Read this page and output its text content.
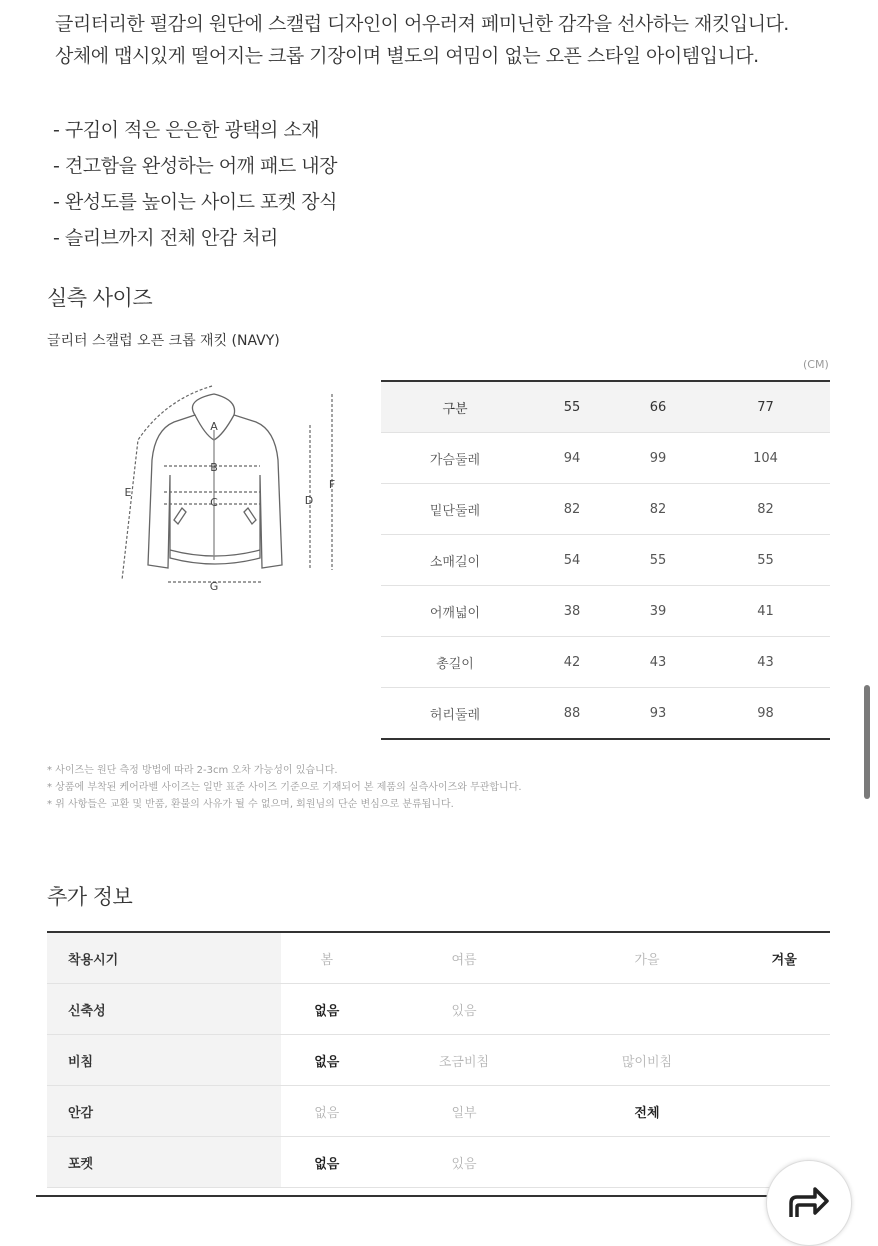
글리터리한 펄감의 원단에 스캘럽 디자인이 어우러져 페미닌한 감각을 선사하는 재킷입니다.

상체에 맵시있게 떨어지는 크롭 기장이며 별도의 여밈이 없는 오픈 스타일 아이템입니다.

- 구김이 적은 은은한 광택의 소재
- 견고함을 완성하는 어깨 패드 내장
- 완성도를 높이는 사이드 포켓 장식
- 슬리브까지 전체 안감 처리
실측 사이즈
글리터 스캘럽 오픈 크롭 재킷 (NAVY)
(CM)
A
B
C	D
E
F
G
구분	55	66	77
가슴둘레	94	99	104
밑단둘레	82	82	82
소매길이	54	55	55
어깨넓이	38	39	41
총길이	42	43	43
허리둘레	88	93	98
* 사이즈는 원단 측정 방법에 따라 2-3cm 오차 가능성이 있습니다.
* 상품에 부착된 케어라벨 사이즈는 일반 표준 사이즈 기준으로 기재되어 본 제품의 실측사이즈와 무관합니다.
* 위 사항들은 교환 및 반품, 환불의 사유가 될 수 없으며, 회원님의 단순 변심으로 분류됩니다.
추가 정보
착용시기	봄	여름	가을	겨울
신축성	없음	있음		
비침	없음	조금비침	많이비침	
안감	없음	일부	전체	
포켓	없음	있음		
